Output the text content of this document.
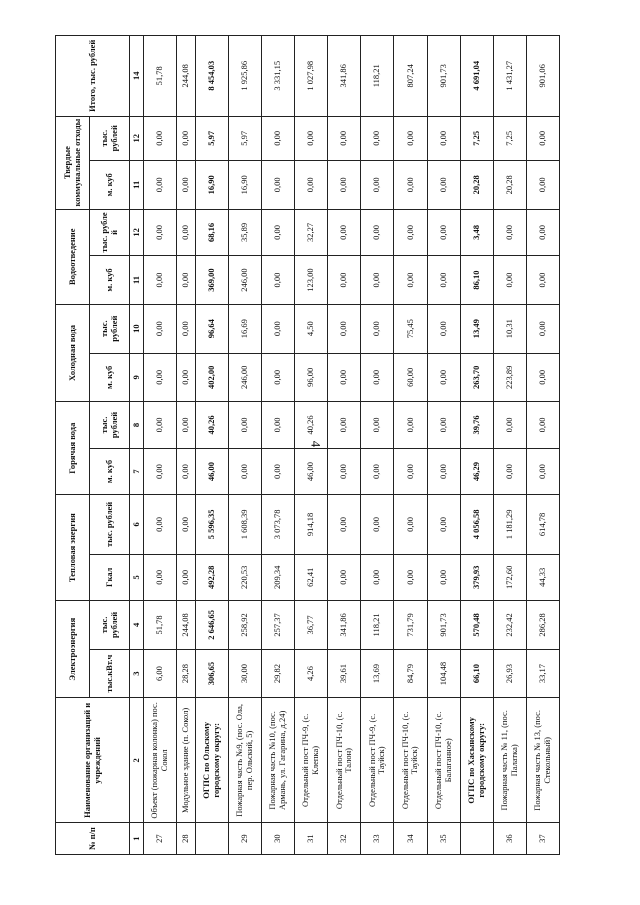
4
№ п/п	Наименование организаций и учреждений	Электроэнергия		Тепловая энергия		Горячая вода		Холодная вода		Водоотведение		Твердые коммунальные отходы		Итого, тыс. рублей
		тыс.кВт.ч	тыс. рублей	Гкал	тыс. рублей	м. куб	тыс. рублей	м. куб	тыс. рублей	м. куб	тыс. рубле й	м. куб	тыс. рублей	
1	2	3	4	5	6	7	8	9	10	11	12	11	12	14
27	Объект (пожарная колонка) пос. Сокол	6,00	51,78	0,00	0,00	0,00	0,00	0,00	0,00	0,00	0,00	0,00	0,00	51,78
28	Модульное здание (п. Сокол)	28,28	244,08	0,00	0,00	0,00	0,00	0,00	0,00	0,00	0,00	0,00	0,00	244,08
	ОГПС по Ольскому городскому округу:	306,65	2 646,65	492,28	5 596,35	46,00	40,26	402,00	96,64	369,00	68,16	16,90	5,97	8 454,03
29	Пожарная часть №9, (пос. Ола, пер. Ольский, 5)	30,00	258,92	220,53	1 608,39	0,00	0,00	246,00	16,69	246,00	35,89	16,90	5,97	1 925,86
30	Пожарная часть №10, (пос. Армань, ул. Гагарина, д.24)	29,82	257,37	209,34	3 073,78	0,00	0,00	0,00	0,00	0,00	0,00	0,00	0,00	3 331,15
31	Отдельный пост ПЧ-9, (с. Клепка)	4,26	36,77	62,41	914,18	46,00	40,26	96,00	4,50	123,00	32,27	0,00	0,00	1 027,98
32	Отдельный пост ПЧ-10, (с. Талон)	39,61	341,86	0,00	0,00	0,00	0,00	0,00	0,00	0,00	0,00	0,00	0,00	341,86
33	Отдельный пост ПЧ-9, (с. Тауйск)	13,69	118,21	0,00	0,00	0,00	0,00	0,00	0,00	0,00	0,00	0,00	0,00	118,21
34	Отдельный пост ПЧ-10, (с. Тауйск)	84,79	731,79	0,00	0,00	0,00	0,00	60,00	75,45	0,00	0,00	0,00	0,00	807,24
35	Отдельный пост ПЧ-10, (с. Балаганное)	104,48	901,73	0,00	0,00	0,00	0,00	0,00	0,00	0,00	0,00	0,00	0,00	901,73
	ОГПС по Хасынскому городскому округу:	66,10	570,48	379,93	4 056,58	46,29	39,76	263,70	13,49	86,10	3,48	20,28	7,25	4 691,04
36	Пожарная часть № 11, (пос. Палатка)	26,93	232,42	172,60	1 181,29	0,00	0,00	223,89	10,31	0,00	0,00	20,28	7,25	1 431,27
37	Пожарная часть № 13, (пос. Стекольный)	33,17	286,28	44,33	614,78	0,00	0,00	0,00	0,00	0,00	0,00	0,00	0,00	901,06
